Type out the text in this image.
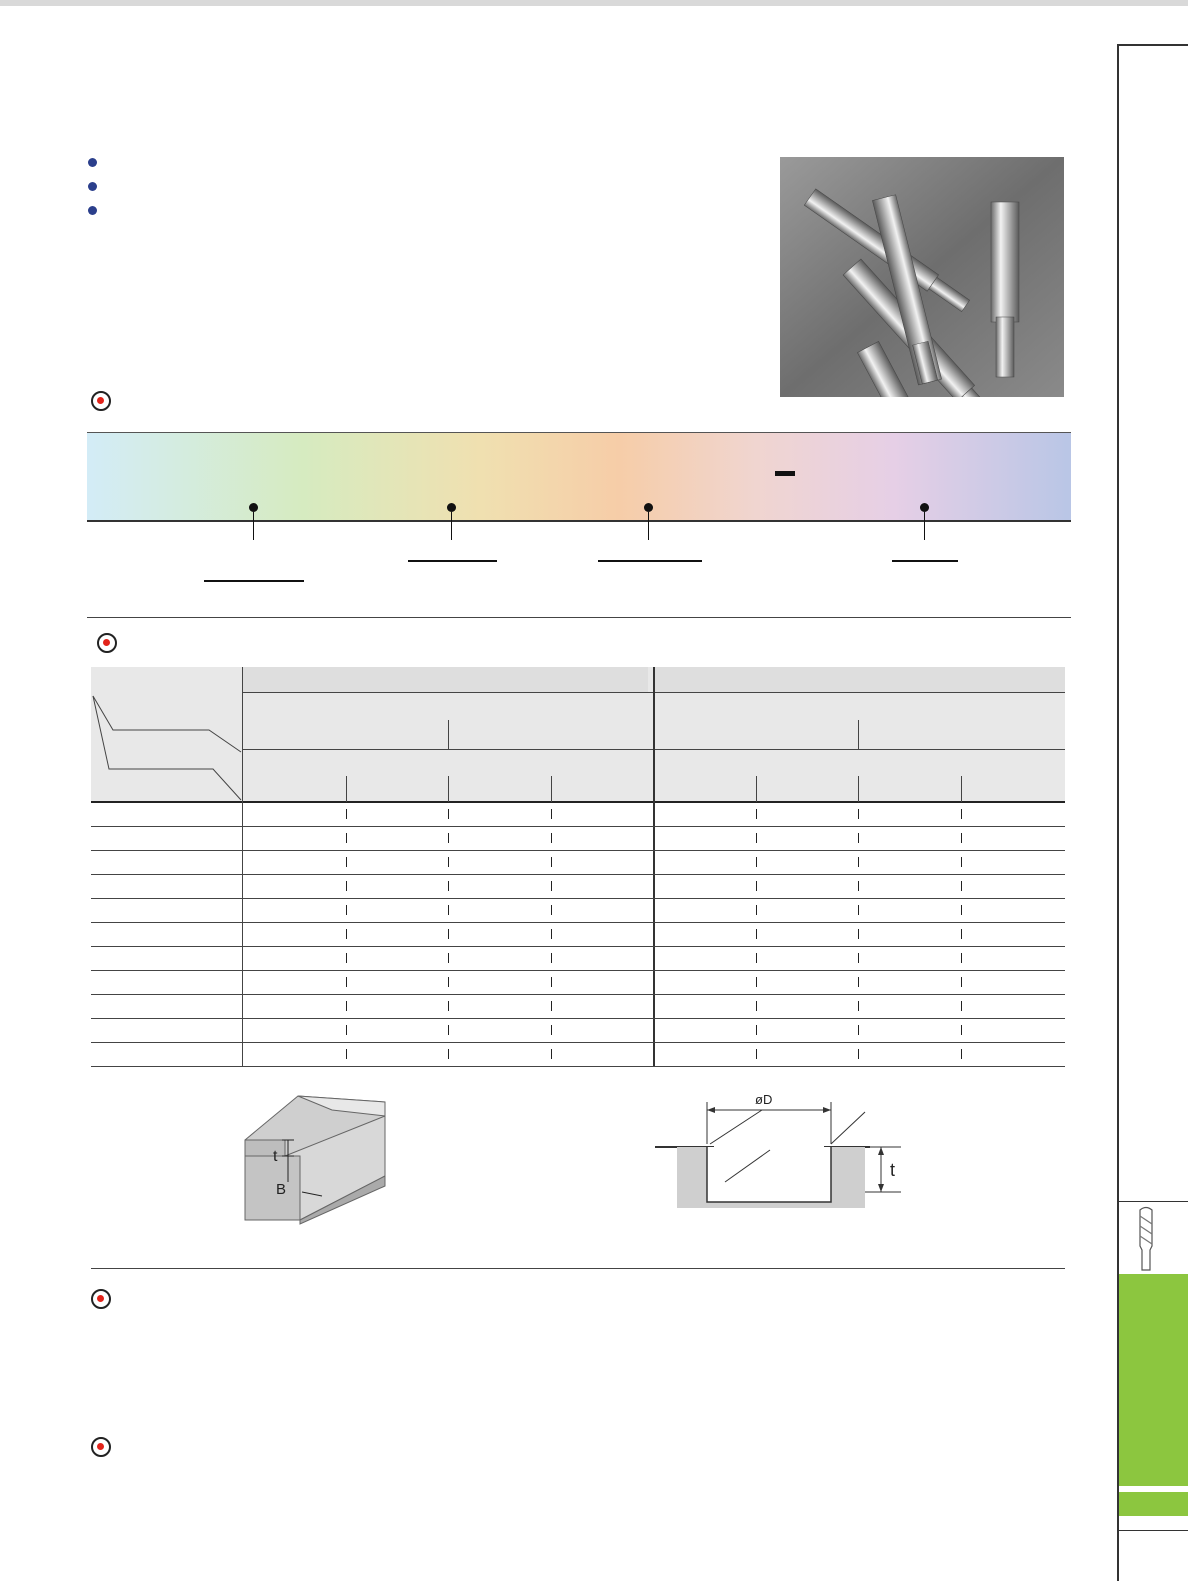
t
B
øD
t
